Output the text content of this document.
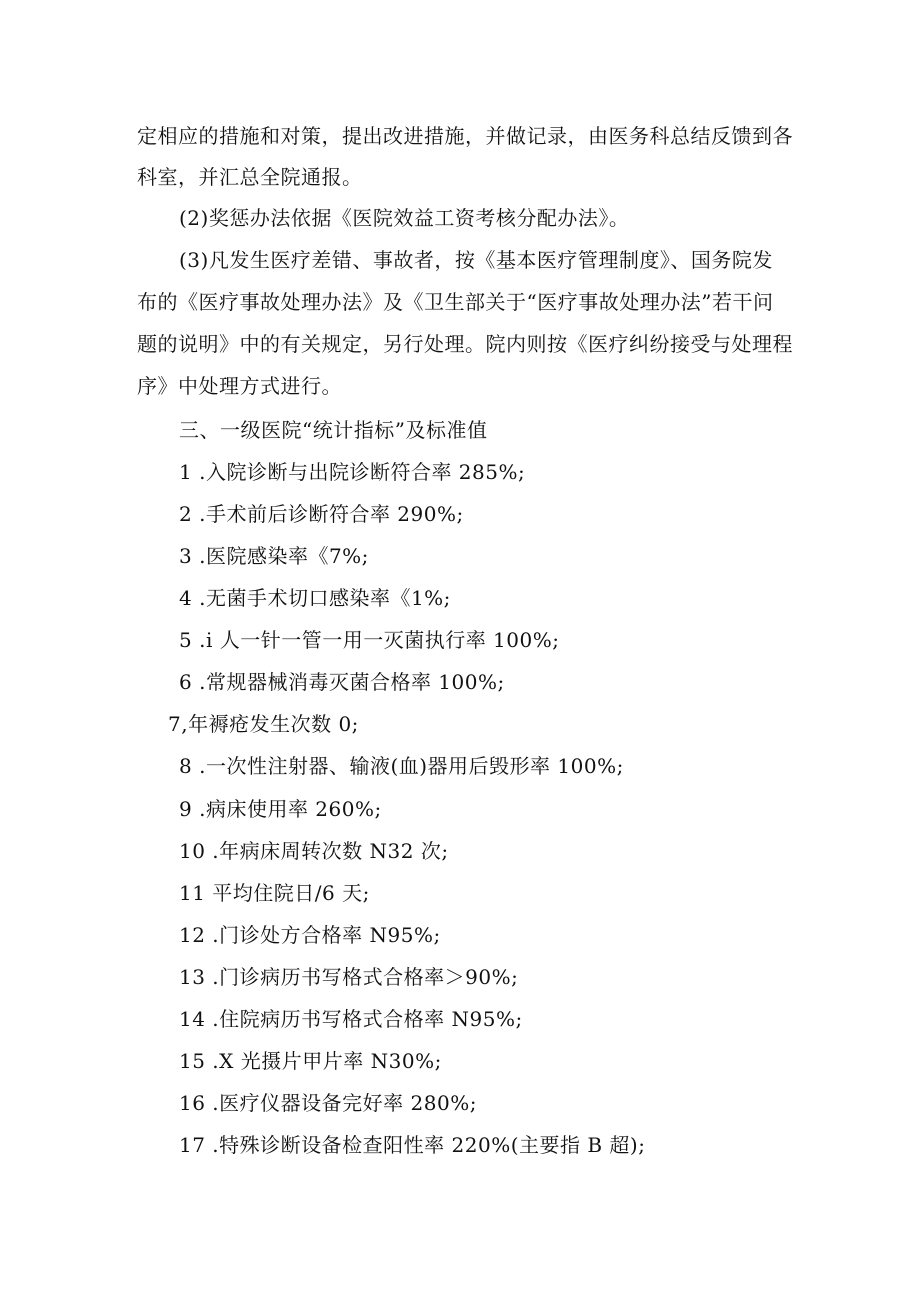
定相应的措施和对策，提出改进措施，并做记录，由医务科总结反馈到各
科室，并汇总全院通报。
(2)奖惩办法依据《医院效益工资考核分配办法》。
(3)凡发生医疗差错、事故者，按《基本医疗管理制度》、国务院发
布的《医疗事故处理办法》及《卫生部关于“医疗事故处理办法”若干问
题的说明》中的有关规定，另行处理。院内则按《医疗纠纷接受与处理程
序》中处理方式进行。
三、一级医院“统计指标”及标准值
1 .入院诊断与出院诊断符合率 285%;
2 .手术前后诊断符合率 290%;
3 .医院感染率《7%;
4 .无菌手术切口感染率《1%;
5 .i 人一针一管一用一灭菌执行率 100%;
6 .常规器械消毒灭菌合格率 100%;
7,年褥疮发生次数 0;
8 .一次性注射器、输液(血)器用后毁形率 100%;
9 .病床使用率 260%;
10 .年病床周转次数 N32 次;
11 平均住院日/6 天;
12 .门诊处方合格率 N95%;
13 .门诊病历书写格式合格率＞90%;
14 .住院病历书写格式合格率 N95%;
15 .X 光摄片甲片率 N30%;
16 .医疗仪器设备完好率 280%;
17 .特殊诊断设备检查阳性率 220%(主要指 B 超);
